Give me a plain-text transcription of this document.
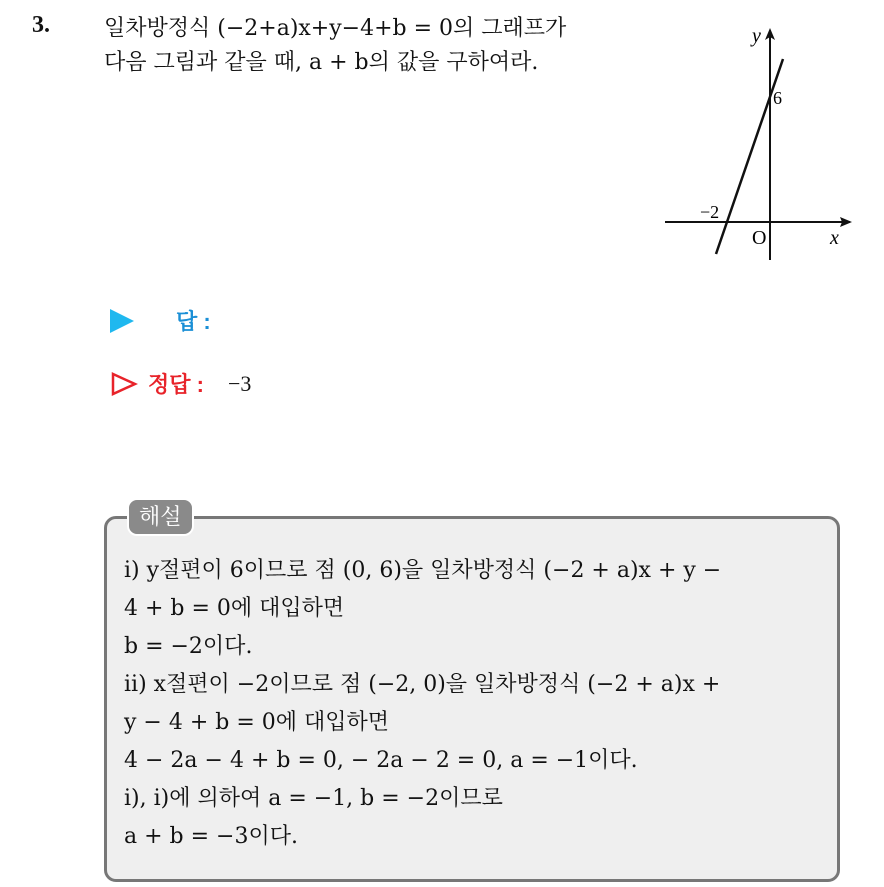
3. 일차방정식 (−2+a)x+y−4+b = 0의 그래프가
다음 그림과 같을 때, a + b의 값을 구하여라.
y
x
O
6
−2
답 :
정답 : −3
해설
ⅰ) y절편이 6이므로 점 (0, 6)을 일차방정식 (−2 + a)x + y −
4 + b = 0에 대입하면
b = −2이다.
ⅱ) x절편이 −2이므로 점 (−2, 0)을 일차방정식 (−2 + a)x +
y − 4 + b = 0에 대입하면
4 − 2a − 4 + b = 0, − 2a − 2 = 0, a = −1이다.
ⅰ), ⅰ)에 의하여 a = −1, b = −2이므로
a + b = −3이다.
